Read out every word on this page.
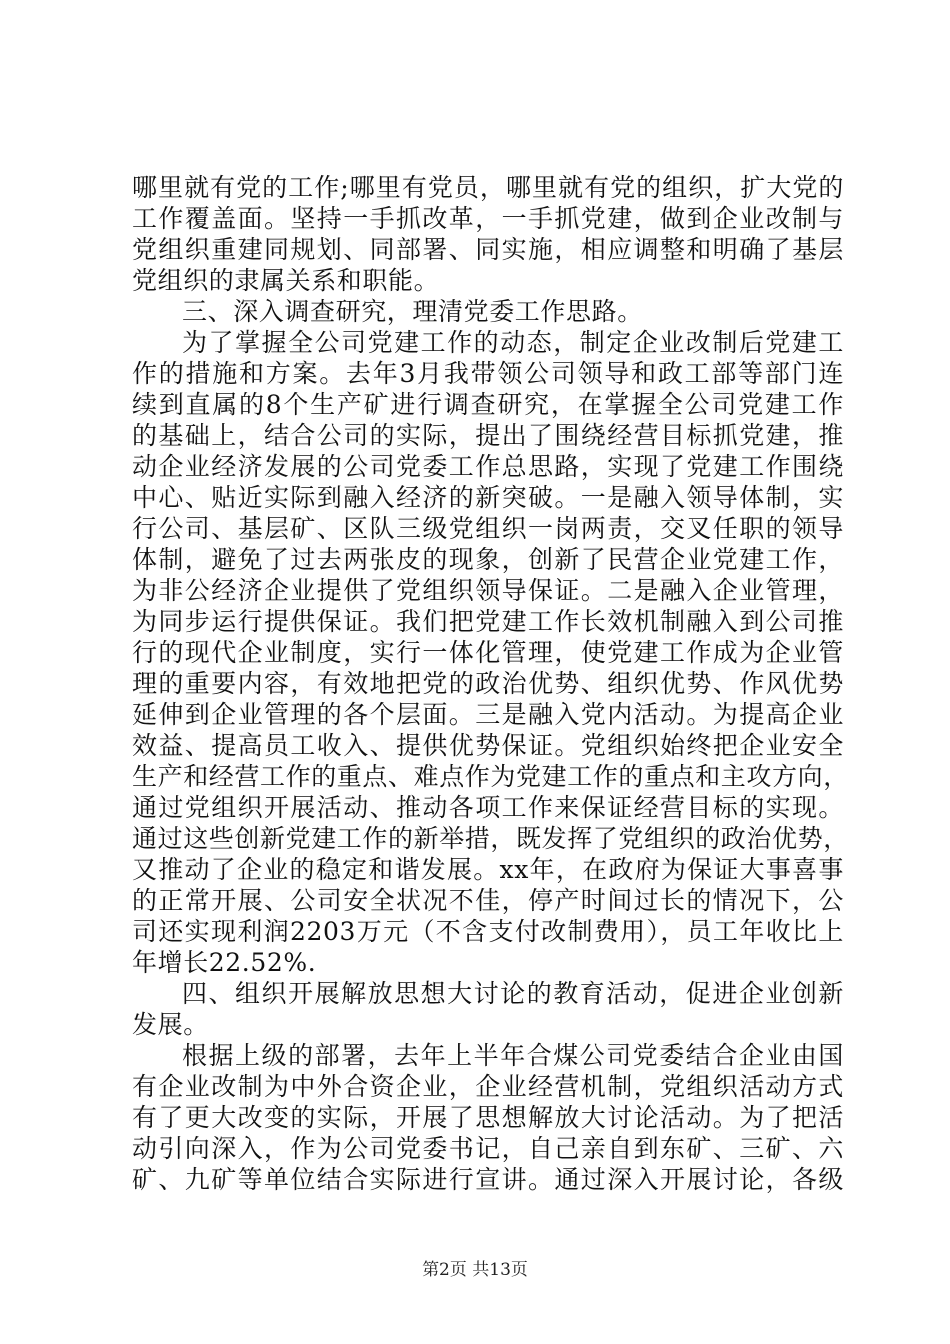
哪里就有党的工作;哪里有党员，哪里就有党的组织，扩大党的
工作覆盖面。坚持一手抓改革，一手抓党建，做到企业改制与
党组织重建同规划、同部署、同实施，相应调整和明确了基层
党组织的隶属关系和职能。
三、深入调查研究，理清党委工作思路。
为了掌握全公司党建工作的动态，制定企业改制后党建工
作的措施和方案。去年3月我带领公司领导和政工部等部门连
续到直属的8个生产矿进行调查研究，在掌握全公司党建工作
的基础上，结合公司的实际，提出了围绕经营目标抓党建，推
动企业经济发展的公司党委工作总思路，实现了党建工作围绕
中心、贴近实际到融入经济的新突破。一是融入领导体制，实
行公司、基层矿、区队三级党组织一岗两责，交叉任职的领导
体制，避免了过去两张皮的现象，创新了民营企业党建工作，
为非公经济企业提供了党组织领导保证。二是融入企业管理，
为同步运行提供保证。我们把党建工作长效机制融入到公司推
行的现代企业制度，实行一体化管理，使党建工作成为企业管
理的重要内容，有效地把党的政治优势、组织优势、作风优势
延伸到企业管理的各个层面。三是融入党内活动。为提高企业
效益、提高员工收入、提供优势保证。党组织始终把企业安全
生产和经营工作的重点、难点作为党建工作的重点和主攻方向，
通过党组织开展活动、推动各项工作来保证经营目标的实现。
通过这些创新党建工作的新举措，既发挥了党组织的政治优势，
又推动了企业的稳定和谐发展。xx年，在政府为保证大事喜事
的正常开展、公司安全状况不佳，停产时间过长的情况下，公
司还实现利润2203万元（不含支付改制费用），员工年收比上
年增长22.52%.
四、组织开展解放思想大讨论的教育活动，促进企业创新
发展。
根据上级的部署，去年上半年合煤公司党委结合企业由国
有企业改制为中外合资企业，企业经营机制，党组织活动方式
有了更大改变的实际，开展了思想解放大讨论活动。为了把活
动引向深入，作为公司党委书记，自己亲自到东矿、三矿、六
矿、九矿等单位结合实际进行宣讲。通过深入开展讨论，各级
第2页 共13页
